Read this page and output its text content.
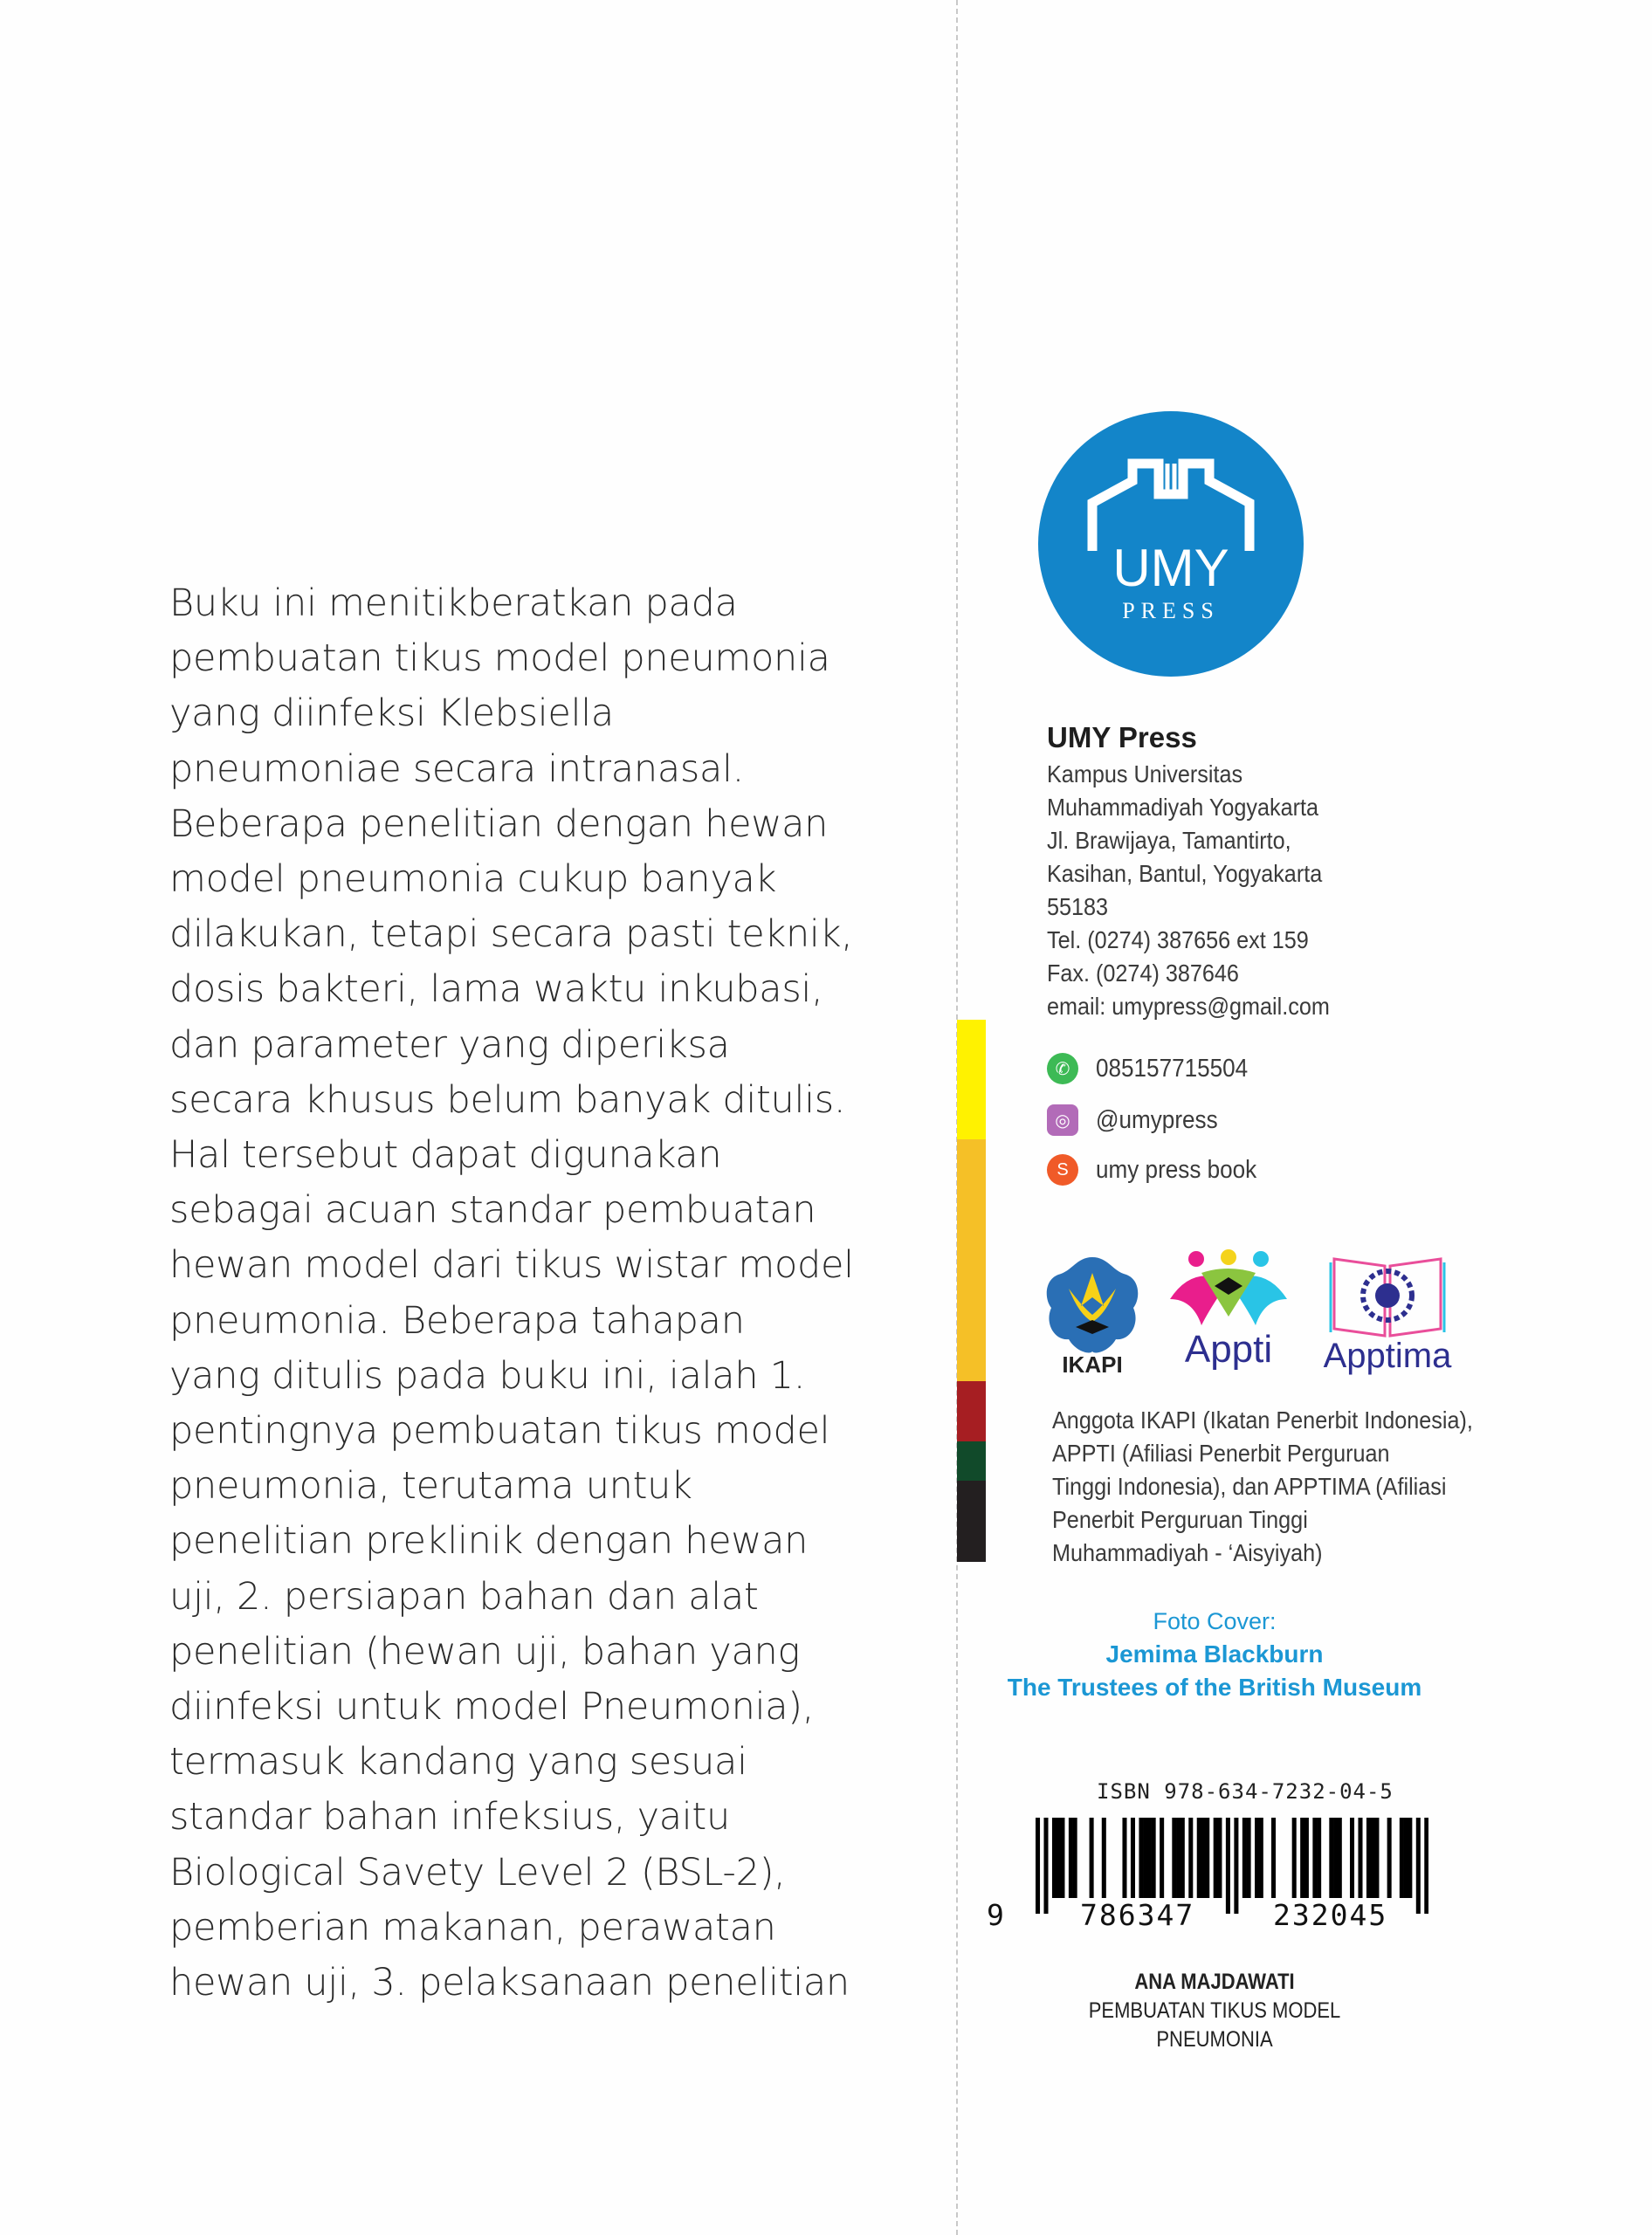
Buku ini menitikberatkan pada
pembuatan tikus model pneumonia
yang diinfeksi Klebsiella
pneumoniae secara intranasal.
Beberapa penelitian dengan hewan
model pneumonia cukup banyak
dilakukan, tetapi secara pasti teknik,
dosis bakteri, lama waktu inkubasi,
dan parameter yang diperiksa
secara khusus belum banyak ditulis.
Hal tersebut dapat digunakan
sebagai acuan standar pembuatan
hewan model dari tikus wistar model
pneumonia. Beberapa tahapan
yang ditulis pada buku ini, ialah 1.
pentingnya pembuatan tikus model
pneumonia, terutama untuk
penelitian preklinik dengan hewan
uji, 2. persiapan bahan dan alat
penelitian (hewan uji, bahan yang
diinfeksi untuk model Pneumonia),
termasuk kandang yang sesuai
standar bahan infeksius, yaitu
Biological Savety Level 2 (BSL-2),
pemberian makanan, perawatan
hewan uji, 3. pelaksanaan penelitian
UMY
PRESS
UMY Press
Kampus Universitas
Muhammadiyah Yogyakarta
Jl. Brawijaya, Tamantirto,
Kasihan, Bantul, Yogyakarta
55183
Tel. (0274) 387656 ext 159
Fax. (0274) 387646
email: umypress@gmail.com
✆	085157715504
◎	@umypress
S	umy press book
IKAPI Appti Apptima
Anggota IKAPI (Ikatan Penerbit Indonesia),
APPTI (Afiliasi Penerbit Perguruan
Tinggi Indonesia), dan APPTIMA (Afiliasi
Penerbit Perguruan Tinggi
Muhammadiyah - ‘Aisyiyah)
Foto Cover:
Jemima Blackburn
The Trustees of the British Museum
ISBN 978-634-7232-04-5
9	786347	232045
ANA MAJDAWATI
PEMBUATAN TIKUS MODEL
PNEUMONIA
